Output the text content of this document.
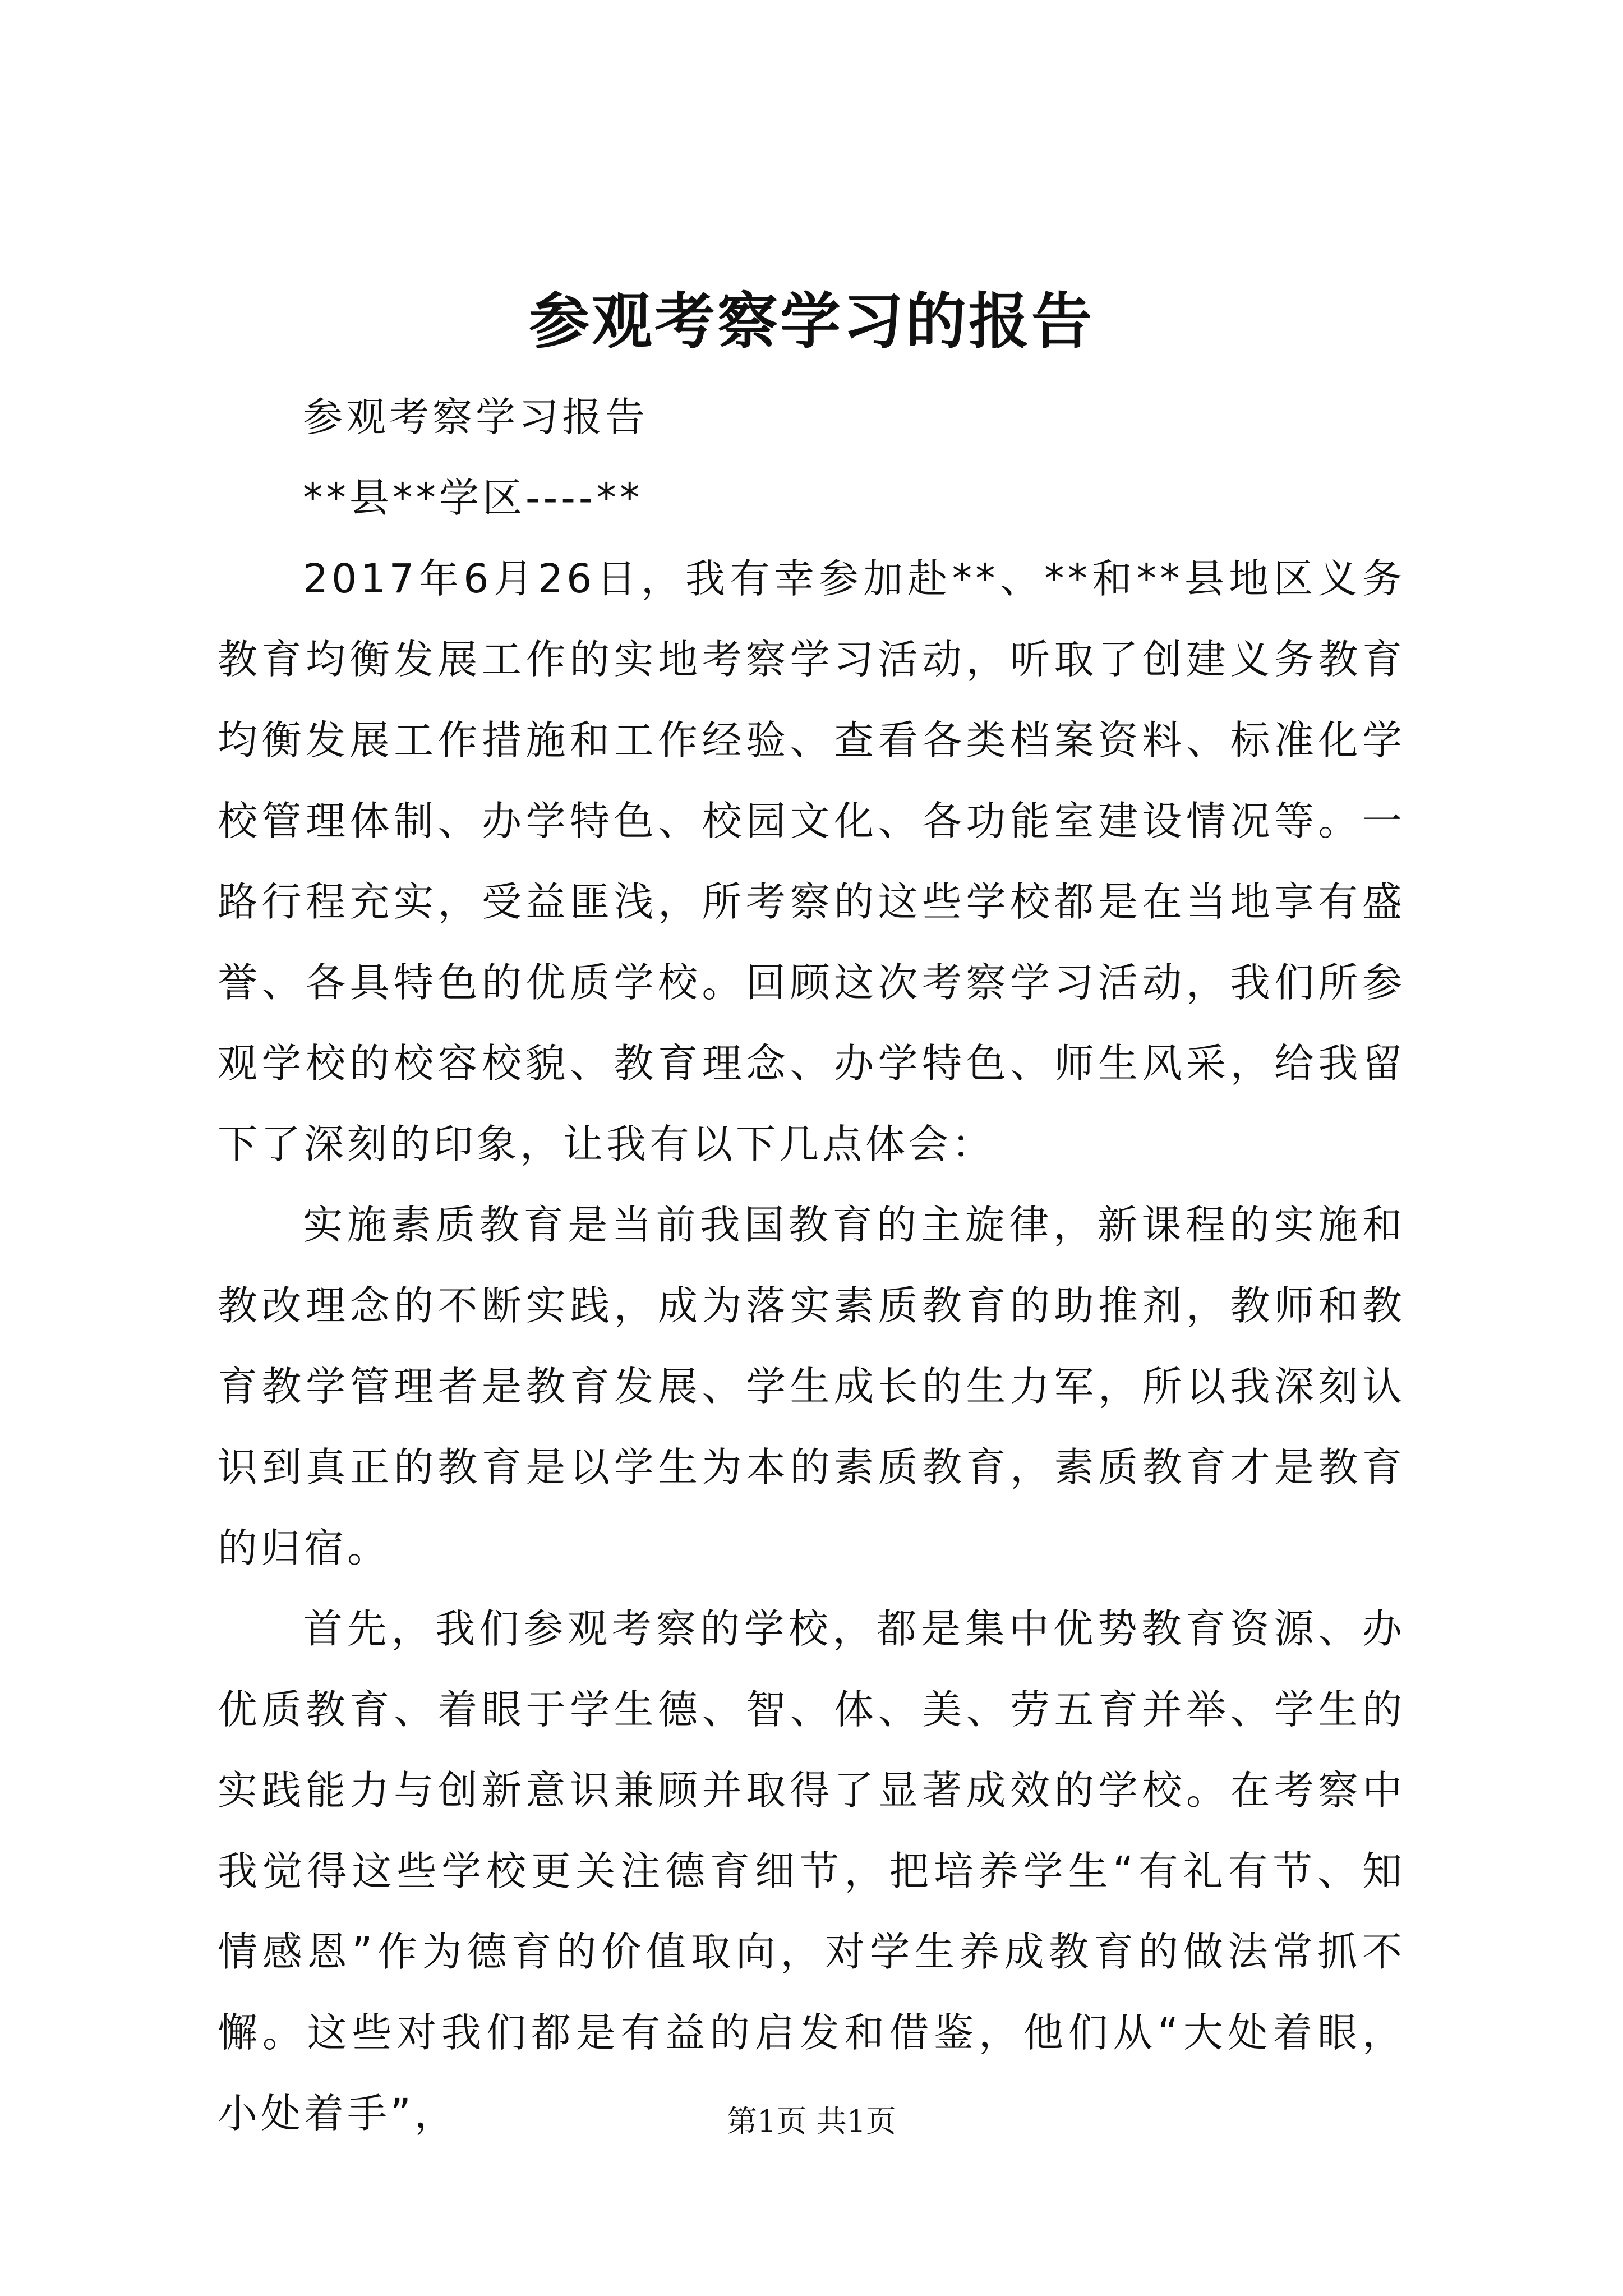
参观考察学习的报告

参观考察学习报告

**县**学区----**

2017年6月26日，我有幸参加赴**、**和**县地区义务教育均衡发展工作的实地考察学习活动，听取了创建义务教育均衡发展工作措施和工作经验、查看各类档案资料、标准化学校管理体制、办学特色、校园文化、各功能室建设情况等。一路行程充实，受益匪浅，所考察的这些学校都是在当地享有盛誉、各具特色的优质学校。回顾这次考察学习活动，我们所参观学校的校容校貌、教育理念、办学特色、师生风采，给我留下了深刻的印象，让我有以下几点体会：

实施素质教育是当前我国教育的主旋律，新课程的实施和教改理念的不断实践，成为落实素质教育的助推剂，教师和教育教学管理者是教育发展、学生成长的生力军，所以我深刻认识到真正的教育是以学生为本的素质教育，素质教育才是教育的归宿。

首先，我们参观考察的学校，都是集中优势教育资源、办优质教育、着眼于学生德、智、体、美、劳五育并举、学生的实践能力与创新意识兼顾并取得了显著成效的学校。在考察中我觉得这些学校更关注德育细节，把培养学生“有礼有节、知情感恩”作为德育的价值取向，对学生养成教育的做法常抓不懈。这些对我们都是有益的启发和借鉴，他们从“大处着眼，小处着手”，	第1页 共1页
